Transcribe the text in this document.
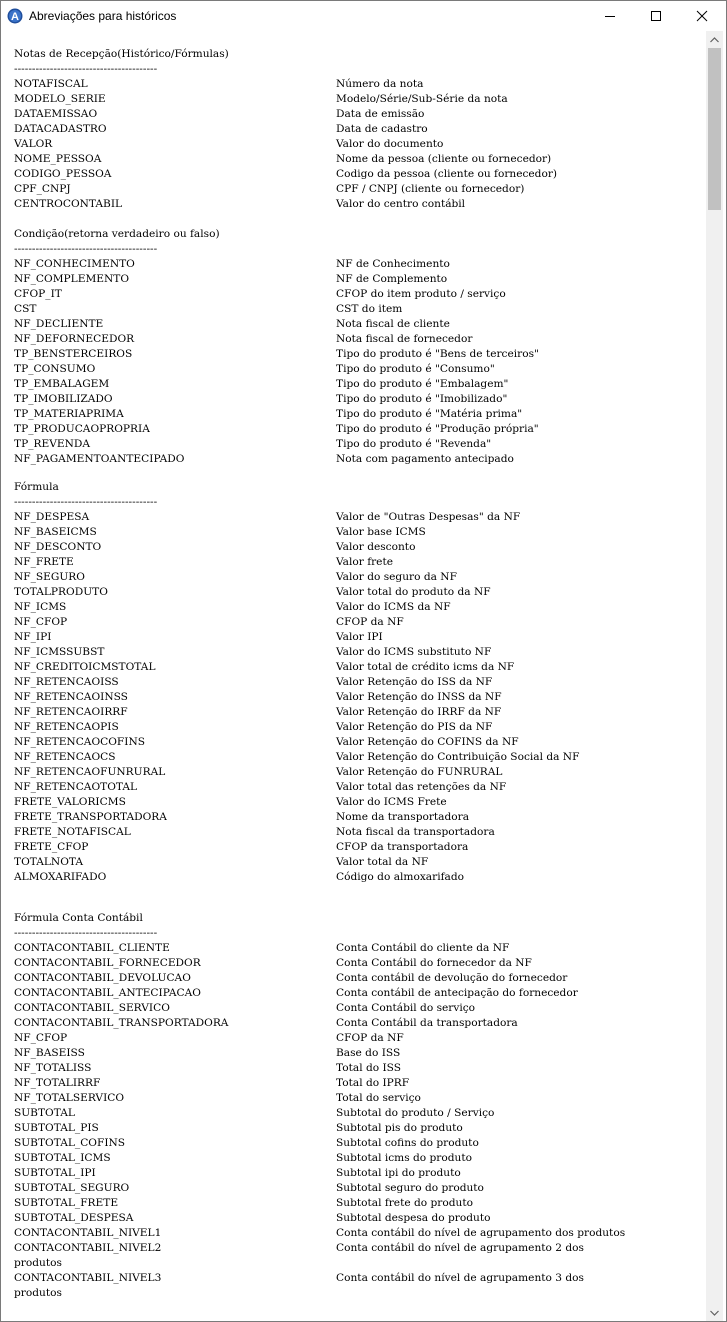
A Abreviações para históricos
Notas de Recepção(Histórico/Fórmulas)
----------------------------------------
NOTAFISCAL	Número da nota
MODELO_SERIE	Modelo/Série/Sub-Série da nota
DATAEMISSAO	Data de emissão
DATACADASTRO	Data de cadastro
VALOR	Valor do documento
NOME_PESSOA	Nome da pessoa (cliente ou fornecedor)
CODIGO_PESSOA	Codigo da pessoa (cliente ou fornecedor)
CPF_CNPJ	CPF / CNPJ (cliente ou fornecedor)
CENTROCONTABIL	Valor do centro contábil
Condição(retorna verdadeiro ou falso)
----------------------------------------
NF_CONHECIMENTO	NF de Conhecimento
NF_COMPLEMENTO	NF de Complemento
CFOP_IT	CFOP do item produto / serviço
CST	CST do item
NF_DECLIENTE	Nota fiscal de cliente
NF_DEFORNECEDOR	Nota fiscal de fornecedor
TP_BENSTERCEIROS	Tipo do produto é "Bens de terceiros"
TP_CONSUMO	Tipo do produto é "Consumo"
TP_EMBALAGEM	Tipo do produto é "Embalagem"
TP_IMOBILIZADO	Tipo do produto é "Imobilizado"
TP_MATERIAPRIMA	Tipo do produto é "Matéria prima"
TP_PRODUCAOPROPRIA	Tipo do produto é "Produção própria"
TP_REVENDA	Tipo do produto é "Revenda"
NF_PAGAMENTOANTECIPADO	Nota com pagamento antecipado
Fórmula
----------------------------------------
NF_DESPESA	Valor de "Outras Despesas" da NF
NF_BASEICMS	Valor base ICMS
NF_DESCONTO	Valor desconto
NF_FRETE	Valor frete
NF_SEGURO	Valor do seguro da NF
TOTALPRODUTO	Valor total do produto da NF
NF_ICMS	Valor do ICMS da NF
NF_CFOP	CFOP da NF
NF_IPI	Valor IPI
NF_ICMSSUBST	Valor do ICMS substituto NF
NF_CREDITOICMSTOTAL	Valor total de crédito icms da NF
NF_RETENCAOISS	Valor Retenção do ISS da NF
NF_RETENCAOINSS	Valor Retenção do INSS da NF
NF_RETENCAOIRRF	Valor Retenção do IRRF da NF
NF_RETENCAOPIS	Valor Retenção do PIS da NF
NF_RETENCAOCOFINS	Valor Retenção do COFINS da NF
NF_RETENCAOCS	Valor Retenção do Contribuição Social da NF
NF_RETENCAOFUNRURAL	Valor Retenção do FUNRURAL
NF_RETENCAOTOTAL	Valor total das retenções da NF
FRETE_VALORICMS	Valor do ICMS Frete
FRETE_TRANSPORTADORA	Nome da transportadora
FRETE_NOTAFISCAL	Nota fiscal da transportadora
FRETE_CFOP	CFOP da transportadora
TOTALNOTA	Valor total da NF
ALMOXARIFADO	Código do almoxarifado
Fórmula Conta Contábil
----------------------------------------
CONTACONTABIL_CLIENTE	Conta Contábil do cliente da NF
CONTACONTABIL_FORNECEDOR	Conta Contábil do fornecedor da NF
CONTACONTABIL_DEVOLUCAO	Conta contábil de devolução do fornecedor
CONTACONTABIL_ANTECIPACAO	Conta contábil de antecipação do fornecedor
CONTACONTABIL_SERVICO	Conta Contábil do serviço
CONTACONTABIL_TRANSPORTADORA	Conta Contábil da transportadora
NF_CFOP	CFOP da NF
NF_BASEISS	Base do ISS
NF_TOTALISS	Total do ISS
NF_TOTALIRRF	Total do IPRF
NF_TOTALSERVICO	Total do serviço
SUBTOTAL	Subtotal do produto / Serviço
SUBTOTAL_PIS	Subtotal pis do produto
SUBTOTAL_COFINS	Subtotal cofins do produto
SUBTOTAL_ICMS	Subtotal icms do produto
SUBTOTAL_IPI	Subtotal ipi do produto
SUBTOTAL_SEGURO	Subtotal seguro do produto
SUBTOTAL_FRETE	Subtotal frete do produto
SUBTOTAL_DESPESA	Subtotal despesa do produto
CONTACONTABIL_NIVEL1	Conta contábil do nível de agrupamento dos produtos
CONTACONTABIL_NIVEL2	Conta contábil do nível de agrupamento 2 dos
produtos
CONTACONTABIL_NIVEL3	Conta contábil do nível de agrupamento 3 dos
produtos
